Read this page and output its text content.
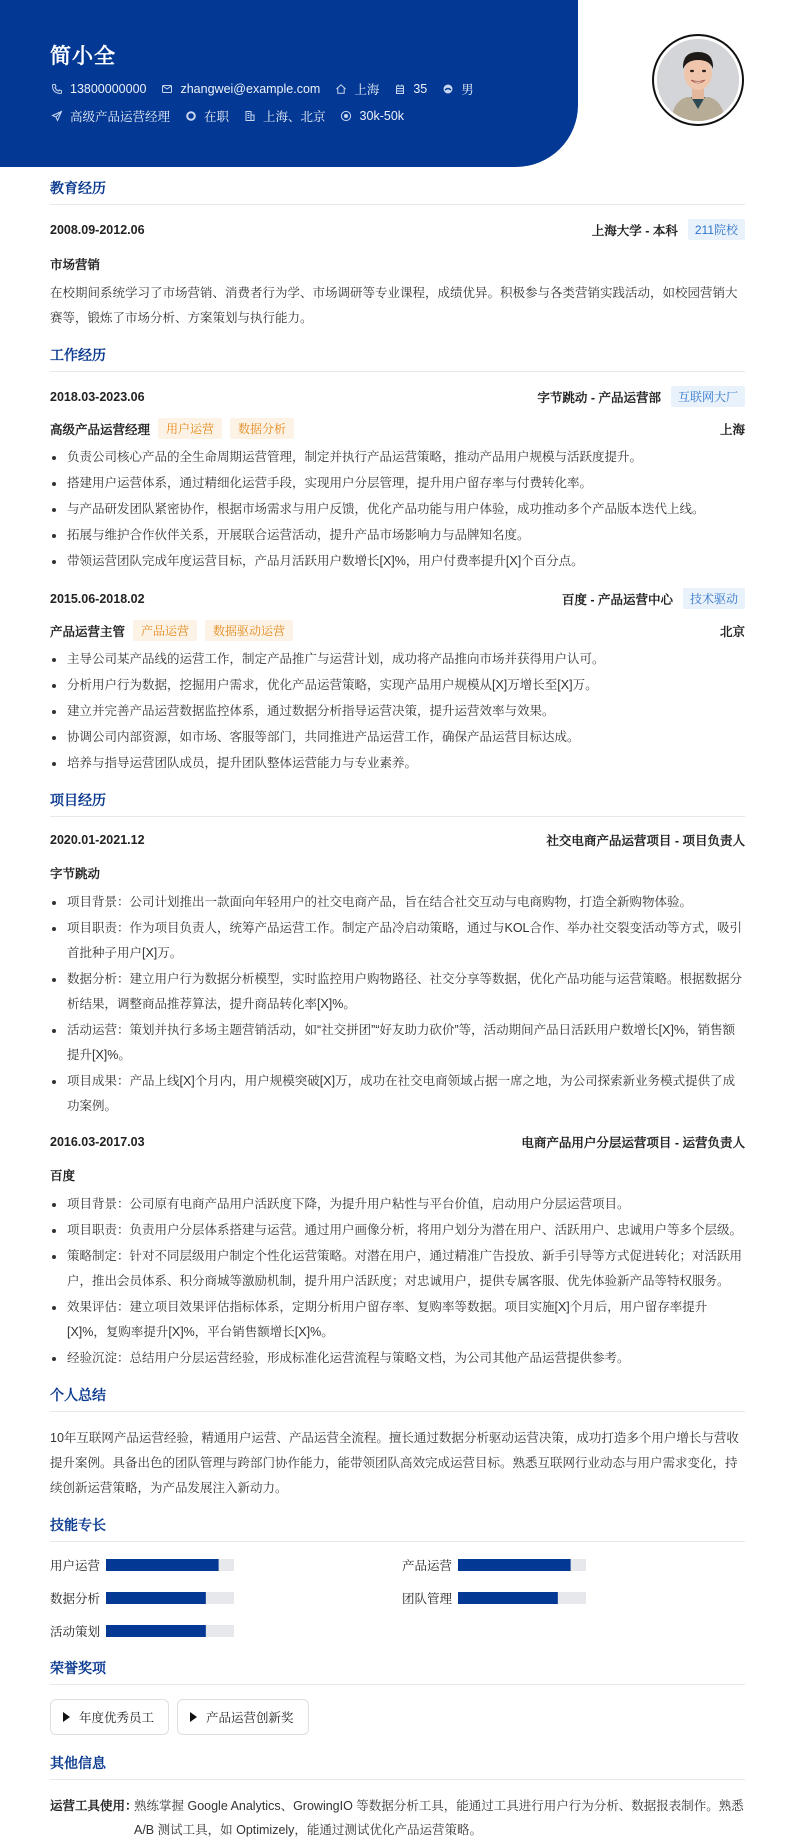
简小全
13800000000	zhangwei@example.com	上海	35	男
高级产品运营经理	在职	上海、北京	30k-50k
教育经历
2008.09-2012.06	上海大学 - 本科	211院校
市场营销
在校期间系统学习了市场营销、消费者行为学、市场调研等专业课程，成绩优异。积极参与各类营销实践活动，如校园营销大赛等，锻炼了市场分析、方案策划与执行能力。
工作经历
2018.03-2023.06	字节跳动 - 产品运营部	互联网大厂
高级产品运营经理	用户运营	数据分析	上海
负责公司核心产品的全生命周期运营管理，制定并执行产品运营策略，推动产品用户规模与活跃度提升。
搭建用户运营体系，通过精细化运营手段，实现用户分层管理，提升用户留存率与付费转化率。
与产品研发团队紧密协作，根据市场需求与用户反馈，优化产品功能与用户体验，成功推动多个产品版本迭代上线。
拓展与维护合作伙伴关系，开展联合运营活动，提升产品市场影响力与品牌知名度。
带领运营团队完成年度运营目标，产品月活跃用户数增长[X]%，用户付费率提升[X]个百分点。
2015.06-2018.02	百度 - 产品运营中心	技术驱动
产品运营主管	产品运营	数据驱动运营	北京
主导公司某产品线的运营工作，制定产品推广与运营计划，成功将产品推向市场并获得用户认可。
分析用户行为数据，挖掘用户需求，优化产品运营策略，实现产品用户规模从[X]万增长至[X]万。
建立并完善产品运营数据监控体系，通过数据分析指导运营决策，提升运营效率与效果。
协调公司内部资源，如市场、客服等部门，共同推进产品运营工作，确保产品运营目标达成。
培养与指导运营团队成员，提升团队整体运营能力与专业素养。
项目经历
2020.01-2021.12	社交电商产品运营项目 - 项目负责人
字节跳动
项目背景：公司计划推出一款面向年轻用户的社交电商产品，旨在结合社交互动与电商购物，打造全新购物体验。
项目职责：作为项目负责人，统筹产品运营工作。制定产品冷启动策略，通过与KOL合作、举办社交裂变活动等方式，吸引首批种子用户[X]万。
数据分析：建立用户行为数据分析模型，实时监控用户购物路径、社交分享等数据，优化产品功能与运营策略。根据数据分析结果，调整商品推荐算法，提升商品转化率[X]%。
活动运营：策划并执行多场主题营销活动，如“社交拼团”“好友助力砍价”等，活动期间产品日活跃用户数增长[X]%，销售额提升[X]%。
项目成果：产品上线[X]个月内，用户规模突破[X]万，成功在社交电商领域占据一席之地，为公司探索新业务模式提供了成功案例。
2016.03-2017.03	电商产品用户分层运营项目 - 运营负责人
百度
项目背景：公司原有电商产品用户活跃度下降，为提升用户粘性与平台价值，启动用户分层运营项目。
项目职责：负责用户分层体系搭建与运营。通过用户画像分析，将用户划分为潜在用户、活跃用户、忠诚用户等多个层级。
策略制定：针对不同层级用户制定个性化运营策略。对潜在用户，通过精准广告投放、新手引导等方式促进转化；对活跃用户，推出会员体系、积分商城等激励机制，提升用户活跃度；对忠诚用户，提供专属客服、优先体验新产品等特权服务。
效果评估：建立项目效果评估指标体系，定期分析用户留存率、复购率等数据。项目实施[X]个月后，用户留存率提升[X]%，复购率提升[X]%，平台销售额增长[X]%。
经验沉淀：总结用户分层运营经验，形成标准化运营流程与策略文档，为公司其他产品运营提供参考。
个人总结
10年互联网产品运营经验，精通用户运营、产品运营全流程。擅长通过数据分析驱动运营决策，成功打造多个用户增长与营收提升案例。具备出色的团队管理与跨部门协作能力，能带领团队高效完成运营目标。熟悉互联网行业动态与用户需求变化，持续创新运营策略，为产品发展注入新动力。
技能专长
用户运营	产品运营
数据分析	团队管理
活动策划
荣誉奖项
年度优秀员工	产品运营创新奖
其他信息
运营工具使用：
熟练掌握 Google Analytics、GrowingIO 等数据分析工具，能通过工具进行用户行为分析、数据报表制作。熟悉 A/B 测试工具，如 Optimizely，能通过测试优化产品运营策略。
